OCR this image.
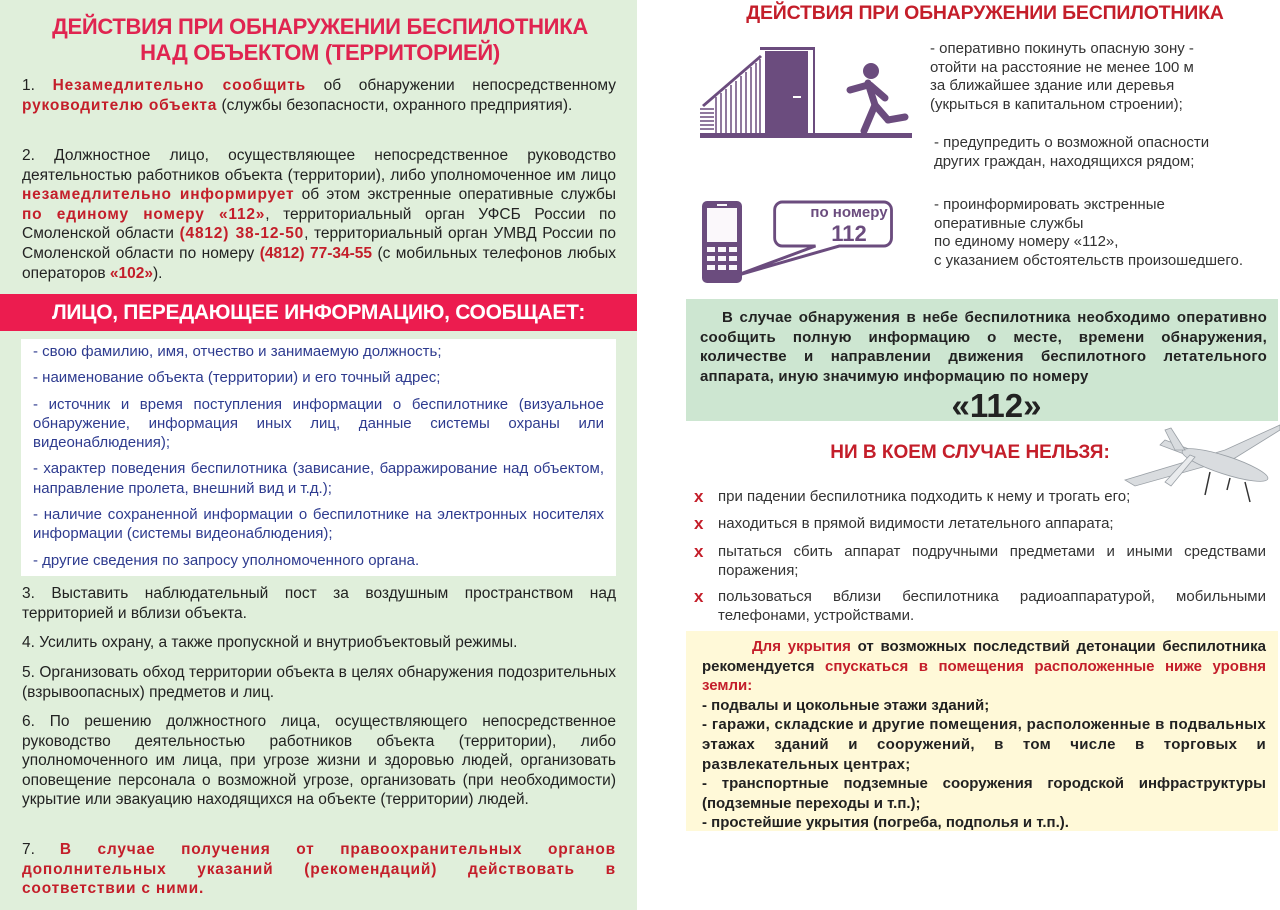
ДЕЙСТВИЯ ПРИ ОБНАРУЖЕНИИ БЕСПИЛОТНИКА
НАД ОБЪЕКТОМ (ТЕРРИТОРИЕЙ)
1. Незамедлительно сообщить об обнаружении непосредственному руководителю объекта (службы безопасности, охранного предприятия).
2. Должностное лицо, осуществляющее непосредственное руководство деятельностью работников объекта (территории), либо уполномоченное им лицо незамедлительно информирует об этом экстренные оперативные службы по единому номеру «112», территориальный орган УФСБ России по Смоленской области (4812) 38-12-50, территориальный орган УМВД России по Смоленской области по номеру (4812) 77-34-55 (с мобильных телефонов любых операторов «102»).
ЛИЦО, ПЕРЕДАЮЩЕЕ ИНФОРМАЦИЮ, СООБЩАЕТ:
- свою фамилию, имя, отчество и занимаемую должность;
- наименование объекта (территории) и его точный адрес;
- источник и время поступления информации о беспилотнике (визуальное обнаружение, информация иных лиц, данные системы охраны или видеонаблюдения);
- характер поведения беспилотника (зависание, барражирование над объектом, направление пролета, внешний вид и т.д.);
- наличие сохраненной информации о беспилотнике на электронных носителях информации (системы видеонаблюдения);
- другие сведения по запросу уполномоченного органа.
3. Выставить наблюдательный пост за воздушным пространством над территорией и вблизи объекта.
4. Усилить охрану, а также пропускной и внутриобъектовый режимы.
5. Организовать обход территории объекта в целях обнаружения подозрительных (взрывоопасных) предметов и лиц.
6. По решению должностного лица, осуществляющего непосредственное руководство деятельностью работников объекта (территории), либо уполномоченного им лица, при угрозе жизни и здоровью людей, организовать оповещение персонала о возможной угрозе, организовать (при необходимости) укрытие или эвакуацию находящихся на объекте (территории) людей.
7. В случае получения от правоохранительных органов дополнительных указаний (рекомендаций) действовать в соответствии с ними.
ДЕЙСТВИЯ ПРИ ОБНАРУЖЕНИИ БЕСПИЛОТНИКА
по номеру
112
- оперативно покинуть опасную зону -
отойти на расстояние не менее 100 м
за ближайшее здание или деревья
(укрыться в капитальном строении);
- предупредить о возможной опасности
других граждан, находящихся рядом;
- проинформировать экстренные
оперативные службы
по единому номеру «112»,
с указанием обстоятельств произошедшего.

В случае обнаружения в небе беспилотника необходимо оперативно сообщить полную информацию о месте, времени обнаружения, количестве и направлении движения беспилотного летательного аппарата, иную значимую информацию по номеру

«112»
НИ В КОЕМ СЛУЧАЕ НЕЛЬЗЯ:
x при падении беспилотника подходить к нему и трогать его;
x находиться в прямой видимости летательного аппарата;
x пытаться сбить аппарат подручными предметами и иными средствами поражения;
x пользоваться вблизи беспилотника радиоаппаратурой, мобильными телефонами, устройствами.

Для укрытия от возможных последствий детонации беспилотника рекомендуется спускаться в помещения расположенные ниже уровня земли:

- подвалы и цокольные этажи зданий;

- гаражи, складские и другие помещения, расположенные в подвальных этажах зданий и сооружений, в том числе в торговых и развлекательных центрах;

- транспортные подземные сооружения городской инфраструктуры (подземные переходы и т.п.);

- простейшие укрытия (погреба, подполья и т.п.).
